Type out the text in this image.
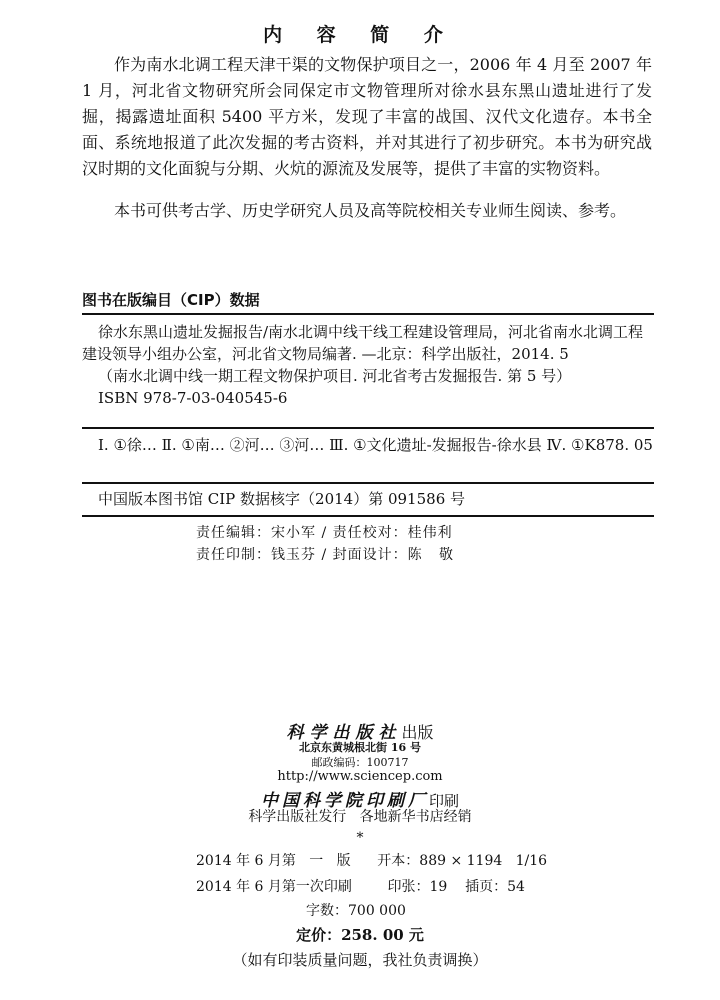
内 容 简 介

作为南水北调工程天津干渠的文物保护项目之一，2006 年 4 月至 2007 年 1 月，河北省文物研究所会同保定市文物管理所对徐水县东黑山遗址进行了发掘，揭露遗址面积 5400 平方米，发现了丰富的战国、汉代文化遗存。本书全面、系统地报道了此次发掘的考古资料，并对其进行了初步研究。本书为研究战汉时期的文化面貌与分期、火炕的源流及发展等，提供了丰富的实物资料。

本书可供考古学、历史学研究人员及高等院校相关专业师生阅读、参考。

图书在版编目（CIP）数据

徐水东黑山遗址发掘报告/南水北调中线干线工程建设管理局，河北省南水北调工程建设领导小组办公室，河北省文物局编著. —北京：科学出版社，2014. 5

（南水北调中线一期工程文物保护项目. 河北省考古发掘报告. 第 5 号）

ISBN 978-7-03-040545-6

Ⅰ. ①徐… Ⅱ. ①南… ②河… ③河… Ⅲ. ①文化遗址-发掘报告-徐水县 Ⅳ. ①K878. 05

中国版本图书馆 CIP 数据核字（2014）第 091586 号

责任编辑：宋小军 / 责任校对：桂伟利
责任印制：钱玉芬 / 封面设计：陈   敬
科学出版社出版
北京东黄城根北街 16 号
邮政编码：100717
http://www.sciencep.com
中国科学院印刷厂印刷
科学出版社发行   各地新华书店经销
*
2014 年 6 月第   一   版      开本：889 × 1194   1/16
2014 年 6 月第一次印刷        印张：19    插页：54
字数：700 000
定价：258. 00 元
（如有印装质量问题，我社负责调换）
